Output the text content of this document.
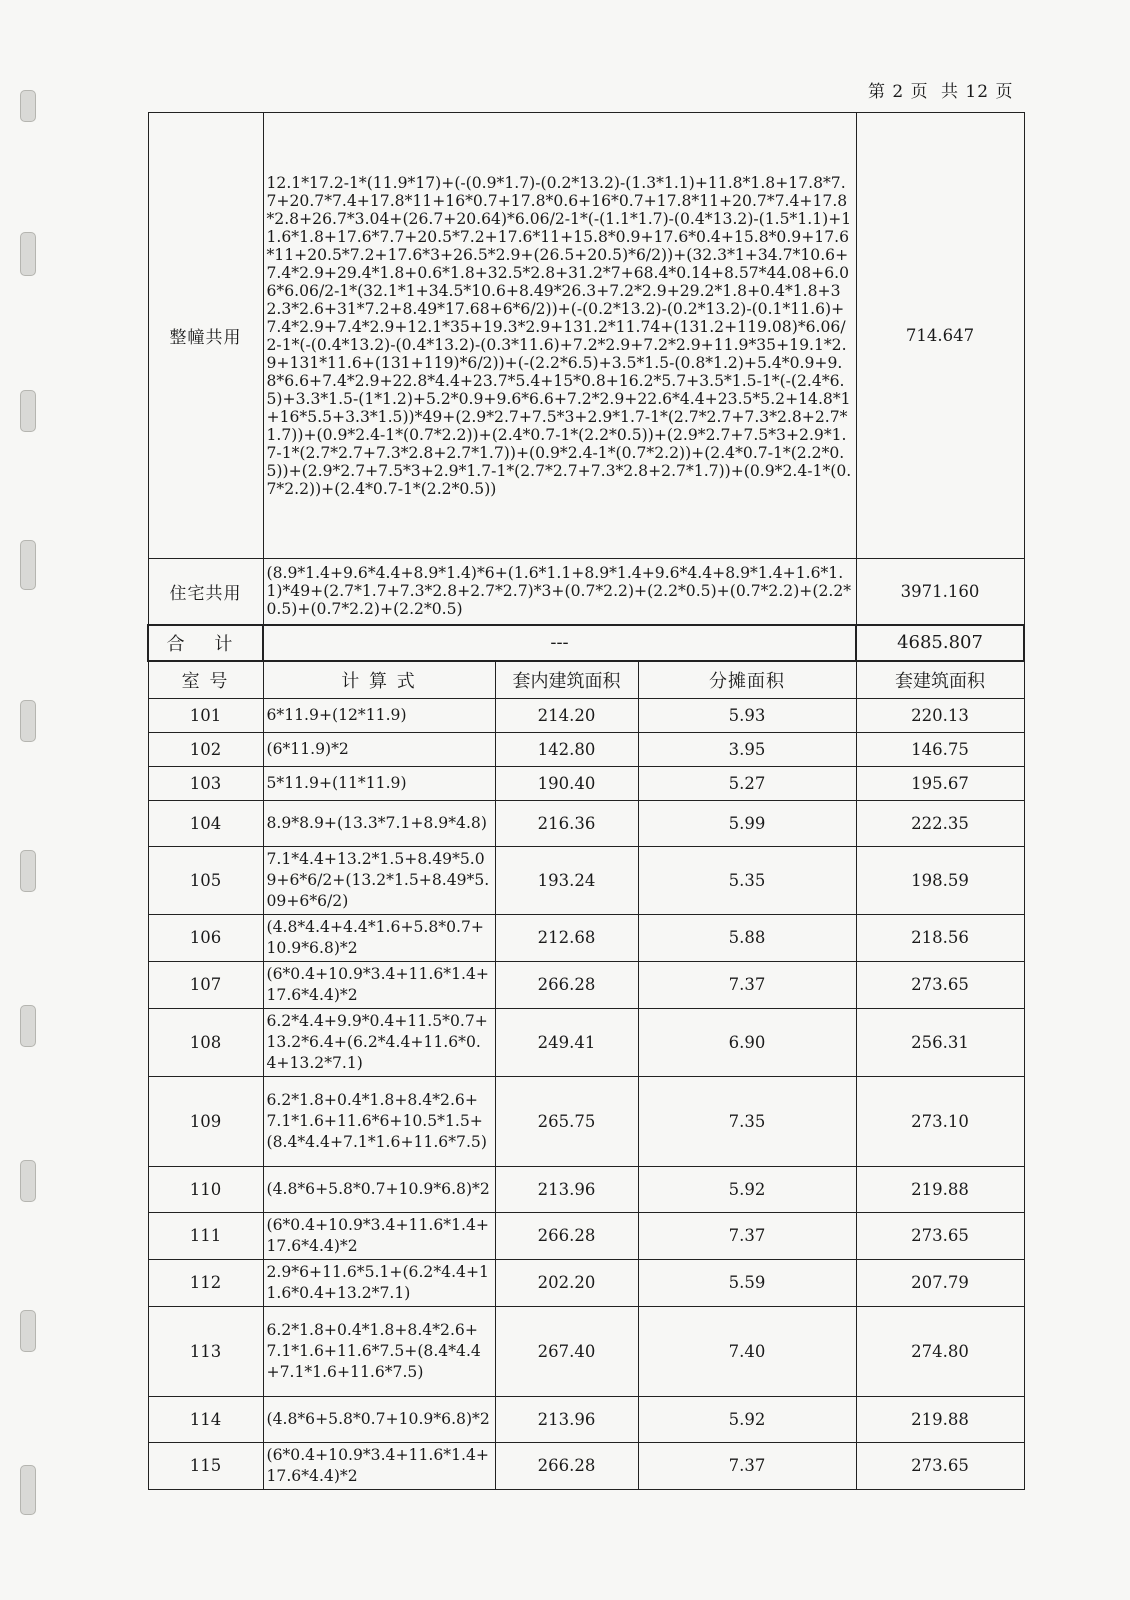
第 2 页 共 12 页
整幢共用	12.1*17.2-1*(11.9*17)+(-(0.9*1.7)-(0.2*13.2)-(1.3*1.1)+11.8*1.8+17.8*7.7+20.7*7.4+17.8*11+16*0.7+17.8*0.6+16*0.7+17.8*11+20.7*7.4+17.8*2.8+26.7*3.04+(26.7+20.64)*6.06/2-1*(-(1.1*1.7)-(0.4*13.2)-(1.5*1.1)+11.6*1.8+17.6*7.7+20.5*7.2+17.6*11+15.8*0.9+17.6*0.4+15.8*0.9+17.6*11+20.5*7.2+17.6*3+26.5*2.9+(26.5+20.5)*6/2))+(32.3*1+34.7*10.6+7.4*2.9+29.4*1.8+0.6*1.8+32.5*2.8+31.2*7+68.4*0.14+8.57*44.08+6.06*6.06/2-1*(32.1*1+34.5*10.6+8.49*26.3+7.2*2.9+29.2*1.8+0.4*1.8+32.3*2.6+31*7.2+8.49*17.68+6*6/2))+(-(0.2*13.2)-(0.2*13.2)-(0.1*11.6)+7.4*2.9+7.4*2.9+12.1*35+19.3*2.9+131.2*11.74+(131.2+119.08)*6.06/2-1*(-(0.4*13.2)-(0.4*13.2)-(0.3*11.6)+7.2*2.9+7.2*2.9+11.9*35+19.1*2.9+131*11.6+(131+119)*6/2))+(-(2.2*6.5)+3.5*1.5-(0.8*1.2)+5.4*0.9+9.8*6.6+7.4*2.9+22.8*4.4+23.7*5.4+15*0.8+16.2*5.7+3.5*1.5-1*(-(2.4*6.5)+3.3*1.5-(1*1.2)+5.2*0.9+9.6*6.6+7.2*2.9+22.6*4.4+23.5*5.2+14.8*1+16*5.5+3.3*1.5))*49+(2.9*2.7+7.5*3+2.9*1.7-1*(2.7*2.7+7.3*2.8+2.7*1.7))+(0.9*2.4-1*(0.7*2.2))+(2.4*0.7-1*(2.2*0.5))+(2.9*2.7+7.5*3+2.9*1.7-1*(2.7*2.7+7.3*2.8+2.7*1.7))+(0.9*2.4-1*(0.7*2.2))+(2.4*0.7-1*(2.2*0.5))+(2.9*2.7+7.5*3+2.9*1.7-1*(2.7*2.7+7.3*2.8+2.7*1.7))+(0.9*2.4-1*(0.7*2.2))+(2.4*0.7-1*(2.2*0.5))			714.647
住宅共用	(8.9*1.4+9.6*4.4+8.9*1.4)*6+(1.6*1.1+8.9*1.4+9.6*4.4+8.9*1.4+1.6*1.1)*49+(2.7*1.7+7.3*2.8+2.7*2.7)*3+(0.7*2.2)+(2.2*0.5)+(0.7*2.2)+(2.2*0.5)+(0.7*2.2)+(2.2*0.5)			3971.160
合 计	---			4685.807
室 号	计 算 式	套内建筑面积	分摊面积	套建筑面积
101	6*11.9+(12*11.9)	214.20	5.93	220.13
102	(6*11.9)*2	142.80	3.95	146.75
103	5*11.9+(11*11.9)	190.40	5.27	195.67
104	8.9*8.9+(13.3*7.1+8.9*4.8)	216.36	5.99	222.35
105	7.1*4.4+13.2*1.5+8.49*5.09+6*6/2+(13.2*1.5+8.49*5.09+6*6/2)	193.24	5.35	198.59
106	(4.8*4.4+4.4*1.6+5.8*0.7+10.9*6.8)*2	212.68	5.88	218.56
107	(6*0.4+10.9*3.4+11.6*1.4+17.6*4.4)*2	266.28	7.37	273.65
108	6.2*4.4+9.9*0.4+11.5*0.7+13.2*6.4+(6.2*4.4+11.6*0.4+13.2*7.1)	249.41	6.90	256.31
109	6.2*1.8+0.4*1.8+8.4*2.6+7.1*1.6+11.6*6+10.5*1.5+(8.4*4.4+7.1*1.6+11.6*7.5)	265.75	7.35	273.10
110	(4.8*6+5.8*0.7+10.9*6.8)*2	213.96	5.92	219.88
111	(6*0.4+10.9*3.4+11.6*1.4+17.6*4.4)*2	266.28	7.37	273.65
112	2.9*6+11.6*5.1+(6.2*4.4+11.6*0.4+13.2*7.1)	202.20	5.59	207.79
113	6.2*1.8+0.4*1.8+8.4*2.6+7.1*1.6+11.6*7.5+(8.4*4.4+7.1*1.6+11.6*7.5)	267.40	7.40	274.80
114	(4.8*6+5.8*0.7+10.9*6.8)*2	213.96	5.92	219.88
115	(6*0.4+10.9*3.4+11.6*1.4+17.6*4.4)*2	266.28	7.37	273.65
